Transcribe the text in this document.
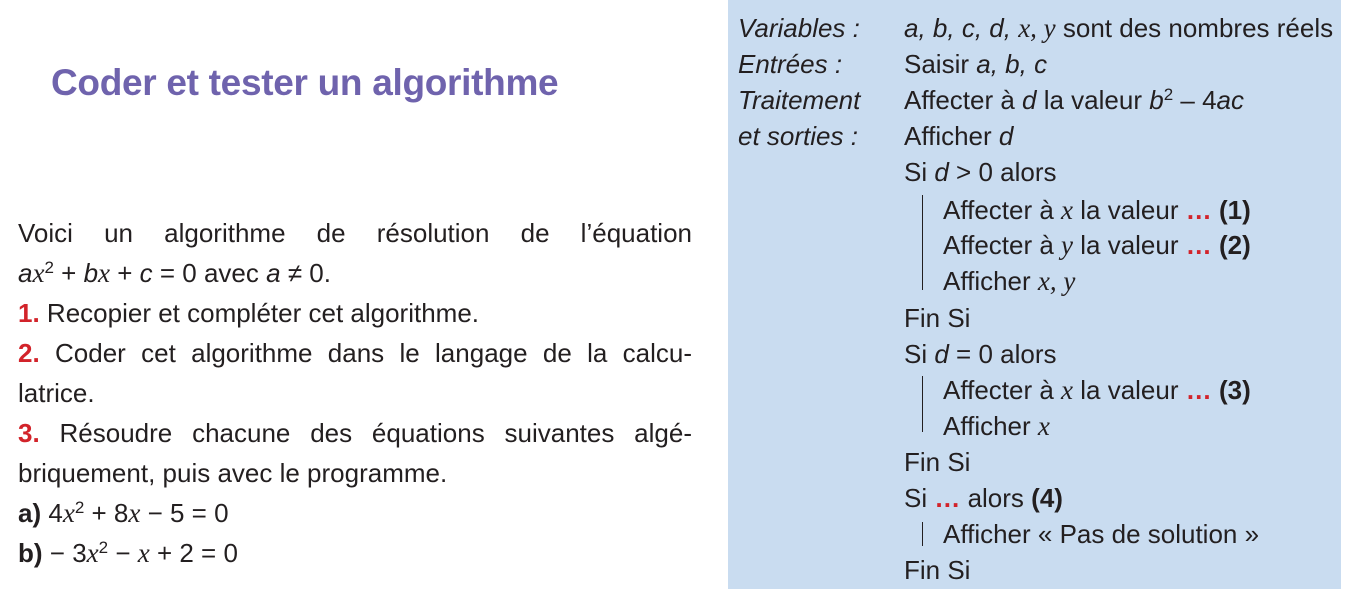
Coder et tester un algorithme
Voici un algorithme de résolution de l’équation
$ax^2$ + bx + c = 0 avec a ≠ 0.
1. Recopier et compléter cet algorithme.
2. Coder cet algorithme dans le langage de la calcu-
latrice.
3. Résoudre chacune des équations suivantes algé-
briquement, puis avec le programme.
a) $4x^2 + 8x - 5 = 0$
$b) - 3x^2 - x + 2 = 0$
Variables :
Entrées :
Traitement
et sorties :
a, b, c, d, x, y sont des nombres réels
Saisir a, b, c
Affecter à d la valeur $b^2 - 4ac$
Afficher d
Si d > 0 alors
Affecter à x la valeur … (1)
Affecter à y la valeur … (2)
Afficher x, y
Fin Si
Si d = 0 alors
Affecter à x la valeur … (3)
Afficher x
Fin Si
Si … alors (4)
Afficher « Pas de solution »
Fin Si
